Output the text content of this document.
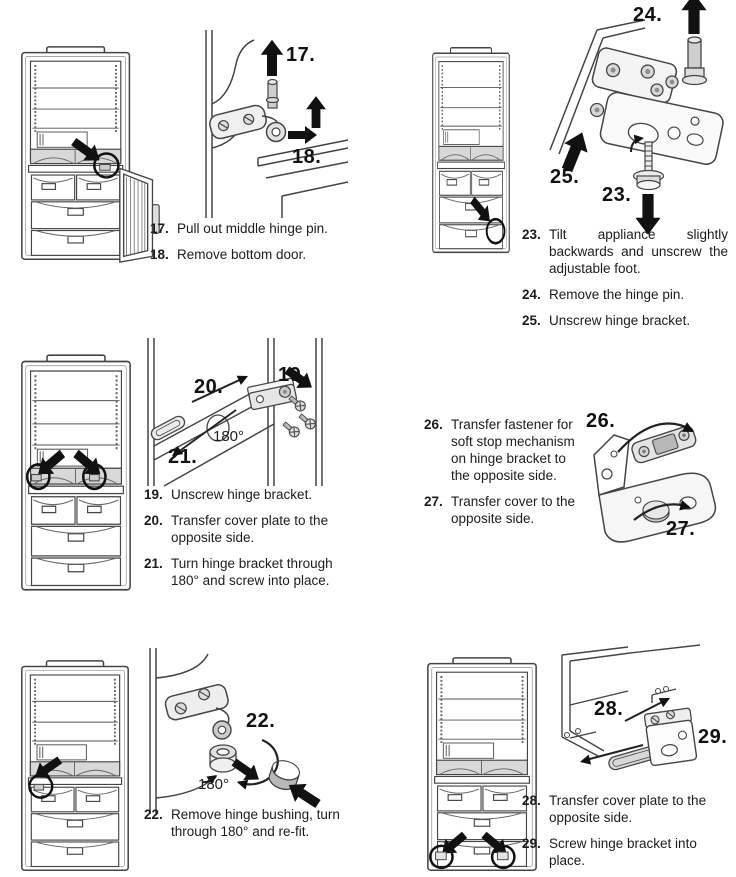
17.
18.
17. Pull out middle hinge pin.
18. Remove bottom door.
24.
25.
23.
23. Tilt appliance slightly backwards and unscrew the adjustable foot.
24. Remove the hinge pin.
25. Unscrew hinge bracket.
19.
20.
180°
21.
19. Unscrew hinge bracket.
20. Transfer cover plate to the opposite side.
21. Turn hinge bracket through 180° and screw into place.
26. Transfer fastener for soft stop mechanism on hinge bracket to the opposite side.
27. Transfer cover to the opposite side.
26.
27.
22.
180°
22. Remove hinge bushing, turn through 180° and re-fit.
28.
29.
28. Transfer cover plate to the opposite side.
29. Screw hinge bracket into place.
